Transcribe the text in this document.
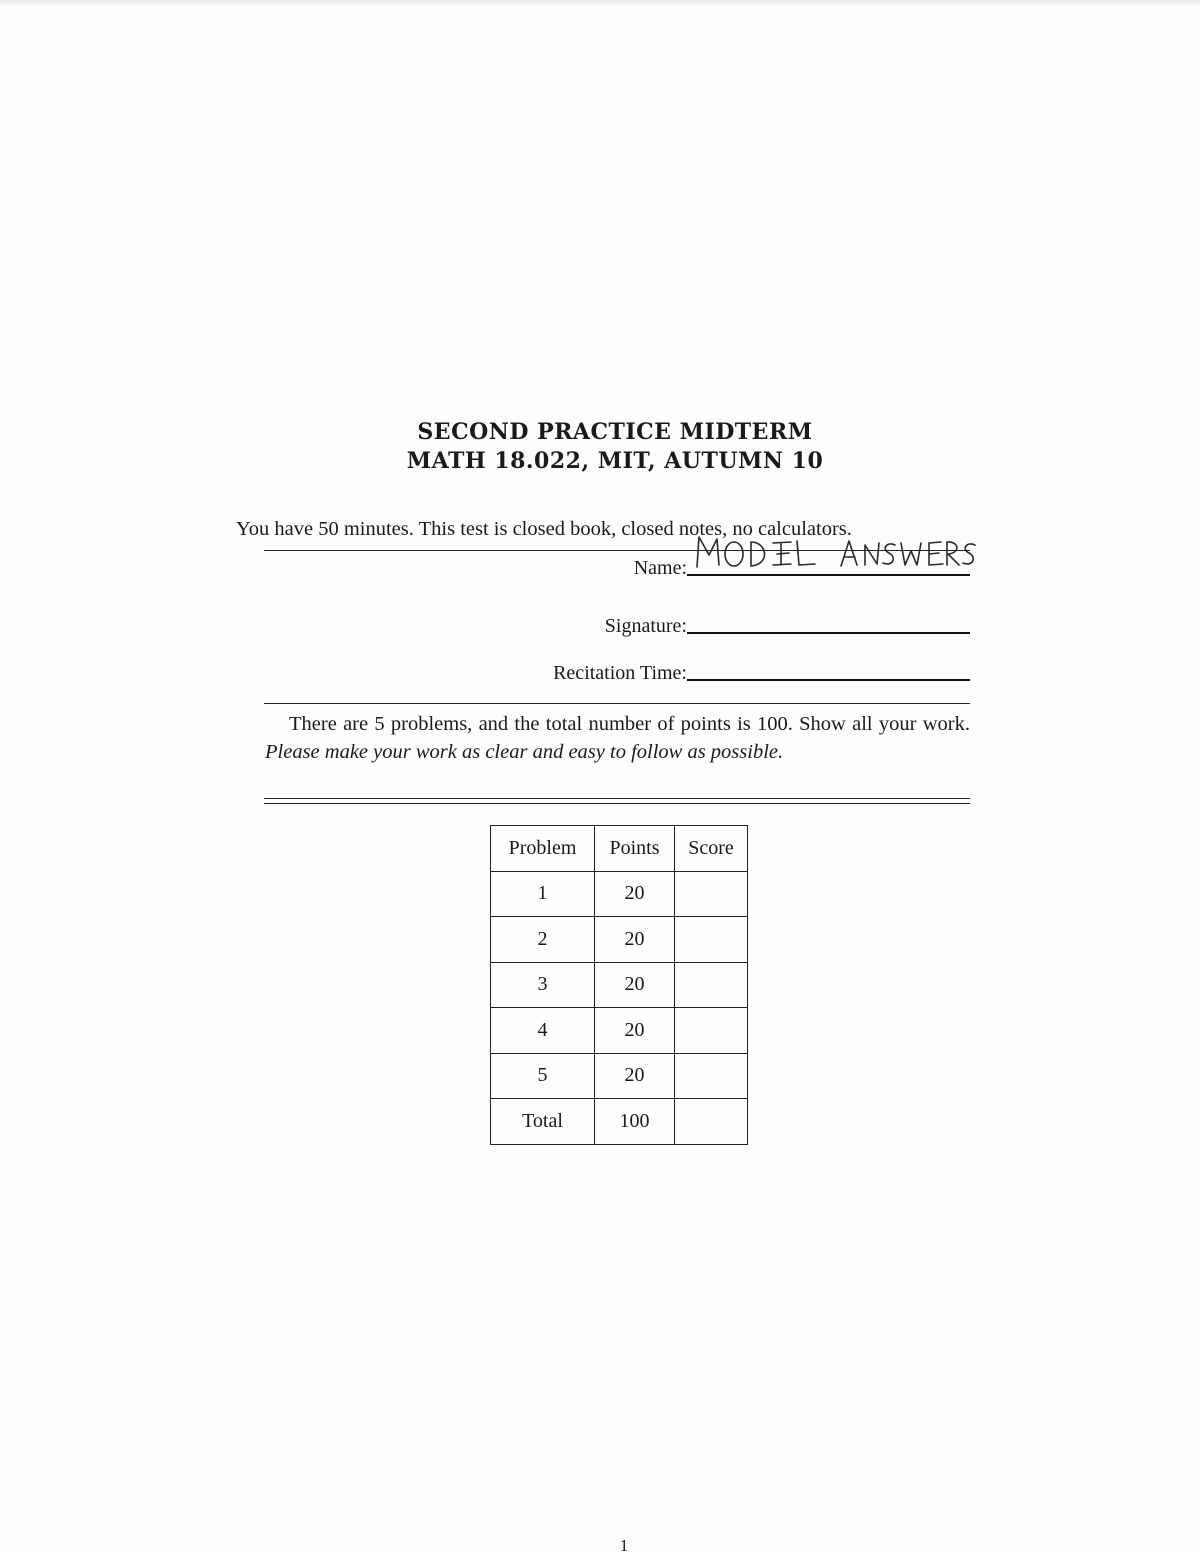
SECOND PRACTICE MIDTERM
MATH 18.022, MIT, AUTUMN 10
You have 50 minutes. This test is closed book, closed notes, no calculators.
Name:
Signature:
Recitation Time:
There are 5 problems, and the total number of points is 100. Show all your work. Please make your work as clear and easy to follow as possible.
Problem	Points	Score
1	20	
2	20	
3	20	
4	20	
5	20	
Total	100	
1
